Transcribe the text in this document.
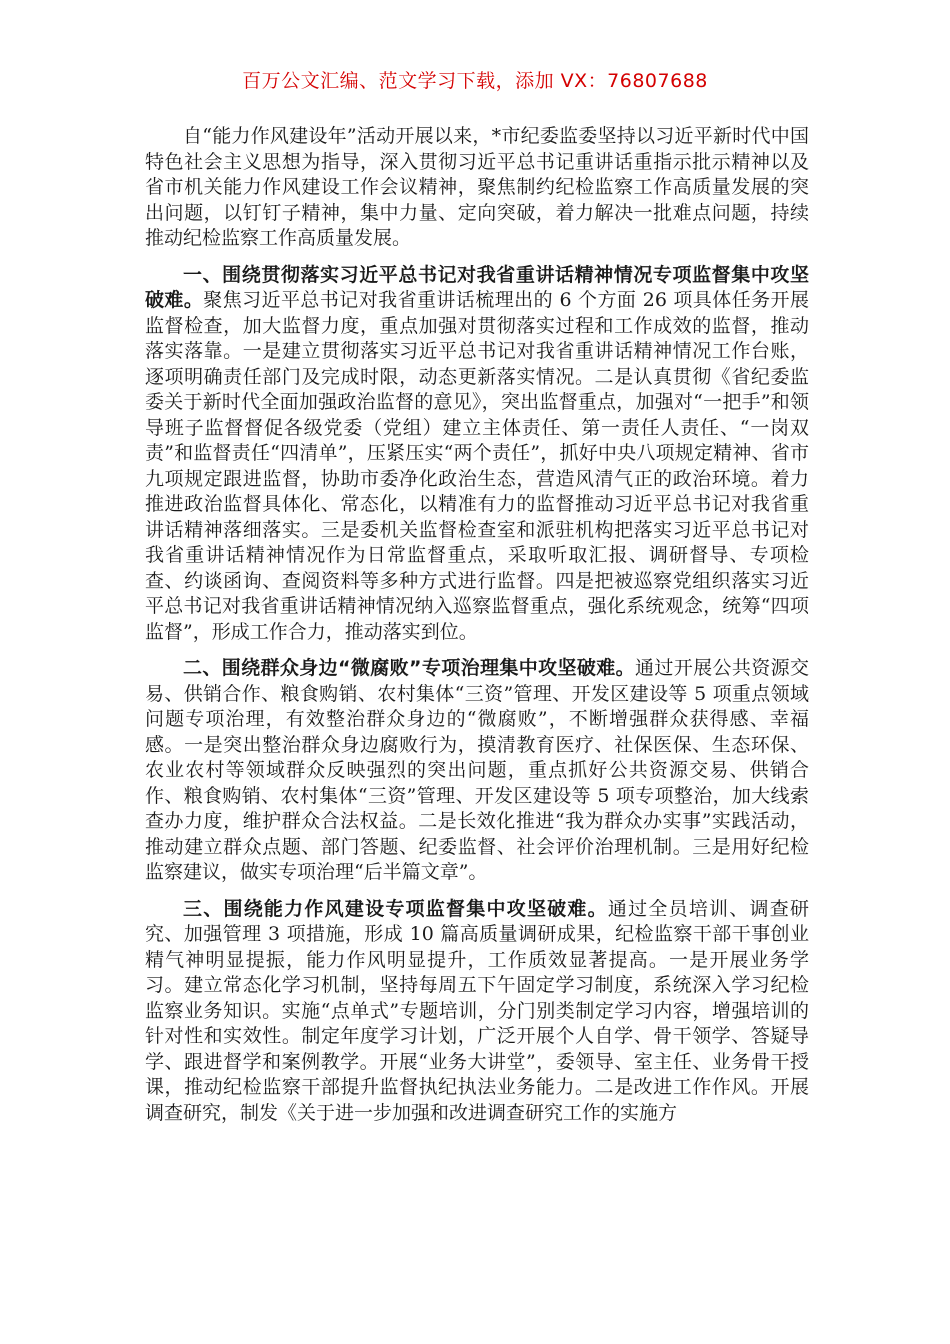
百万公文汇编、范文学习下载，添加 VX：76807688

自“能力作风建设年”活动开展以来，*市纪委监委坚持以习近平新时代中国特色社会主义思想为指导，深入贯彻习近平总书记重讲话重指示批示精神以及省市机关能力作风建设工作会议精神，聚焦制约纪检监察工作高质量发展的突出问题，以钉钉子精神，集中力量、定向突破，着力解决一批难点问题，持续推动纪检监察工作高质量发展。

一、围绕贯彻落实习近平总书记对我省重讲话精神情况专项监督集中攻坚破难。聚焦习近平总书记对我省重讲话梳理出的 6 个方面 26 项具体任务开展监督检查，加大监督力度，重点加强对贯彻落实过程和工作成效的监督，推动落实落靠。一是建立贯彻落实习近平总书记对我省重讲话精神情况工作台账，逐项明确责任部门及完成时限，动态更新落实情况。二是认真贯彻《省纪委监委关于新时代全面加强政治监督的意见》，突出监督重点，加强对“一把手”和领导班子监督督促各级党委（党组）建立主体责任、第一责任人责任、“一岗双责”和监督责任“四清单”，压紧压实“两个责任”，抓好中央八项规定精神、省市九项规定跟进监督，协助市委净化政治生态，营造风清气正的政治环境。着力推进政治监督具体化、常态化，以精准有力的监督推动习近平总书记对我省重讲话精神落细落实。三是委机关监督检查室和派驻机构把落实习近平总书记对我省重讲话精神情况作为日常监督重点，采取听取汇报、调研督导、专项检查、约谈函询、查阅资料等多种方式进行监督。四是把被巡察党组织落实习近平总书记对我省重讲话精神情况纳入巡察监督重点，强化系统观念，统筹“四项监督”，形成工作合力，推动落实到位。

二、围绕群众身边“微腐败”专项治理集中攻坚破难。通过开展公共资源交易、供销合作、粮食购销、农村集体“三资”管理、开发区建设等 5 项重点领域问题专项治理，有效整治群众身边的“微腐败”，不断增强群众获得感、幸福感。一是突出整治群众身边腐败行为，摸清教育医疗、社保医保、生态环保、农业农村等领域群众反映强烈的突出问题，重点抓好公共资源交易、供销合作、粮食购销、农村集体“三资”管理、开发区建设等 5 项专项整治，加大线索查办力度，维护群众合法权益。二是长效化推进“我为群众办实事”实践活动，推动建立群众点题、部门答题、纪委监督、社会评价治理机制。三是用好纪检监察建议，做实专项治理“后半篇文章”。

三、围绕能力作风建设专项监督集中攻坚破难。通过全员培训、调查研究、加强管理 3 项措施，形成 10 篇高质量调研成果，纪检监察干部干事创业精气神明显提振，能力作风明显提升，工作质效显著提高。一是开展业务学习。建立常态化学习机制，坚持每周五下午固定学习制度，系统深入学习纪检监察业务知识。实施“点单式”专题培训，分门别类制定学习内容，增强培训的针对性和实效性。制定年度学习计划，广泛开展个人自学、骨干领学、答疑导学、跟进督学和案例教学。开展“业务大讲堂”，委领导、室主任、业务骨干授课，推动纪检监察干部提升监督执纪执法业务能力。二是改进工作作风。开展调查研究，制发《关于进一步加强和改进调查研究工作的实施方
